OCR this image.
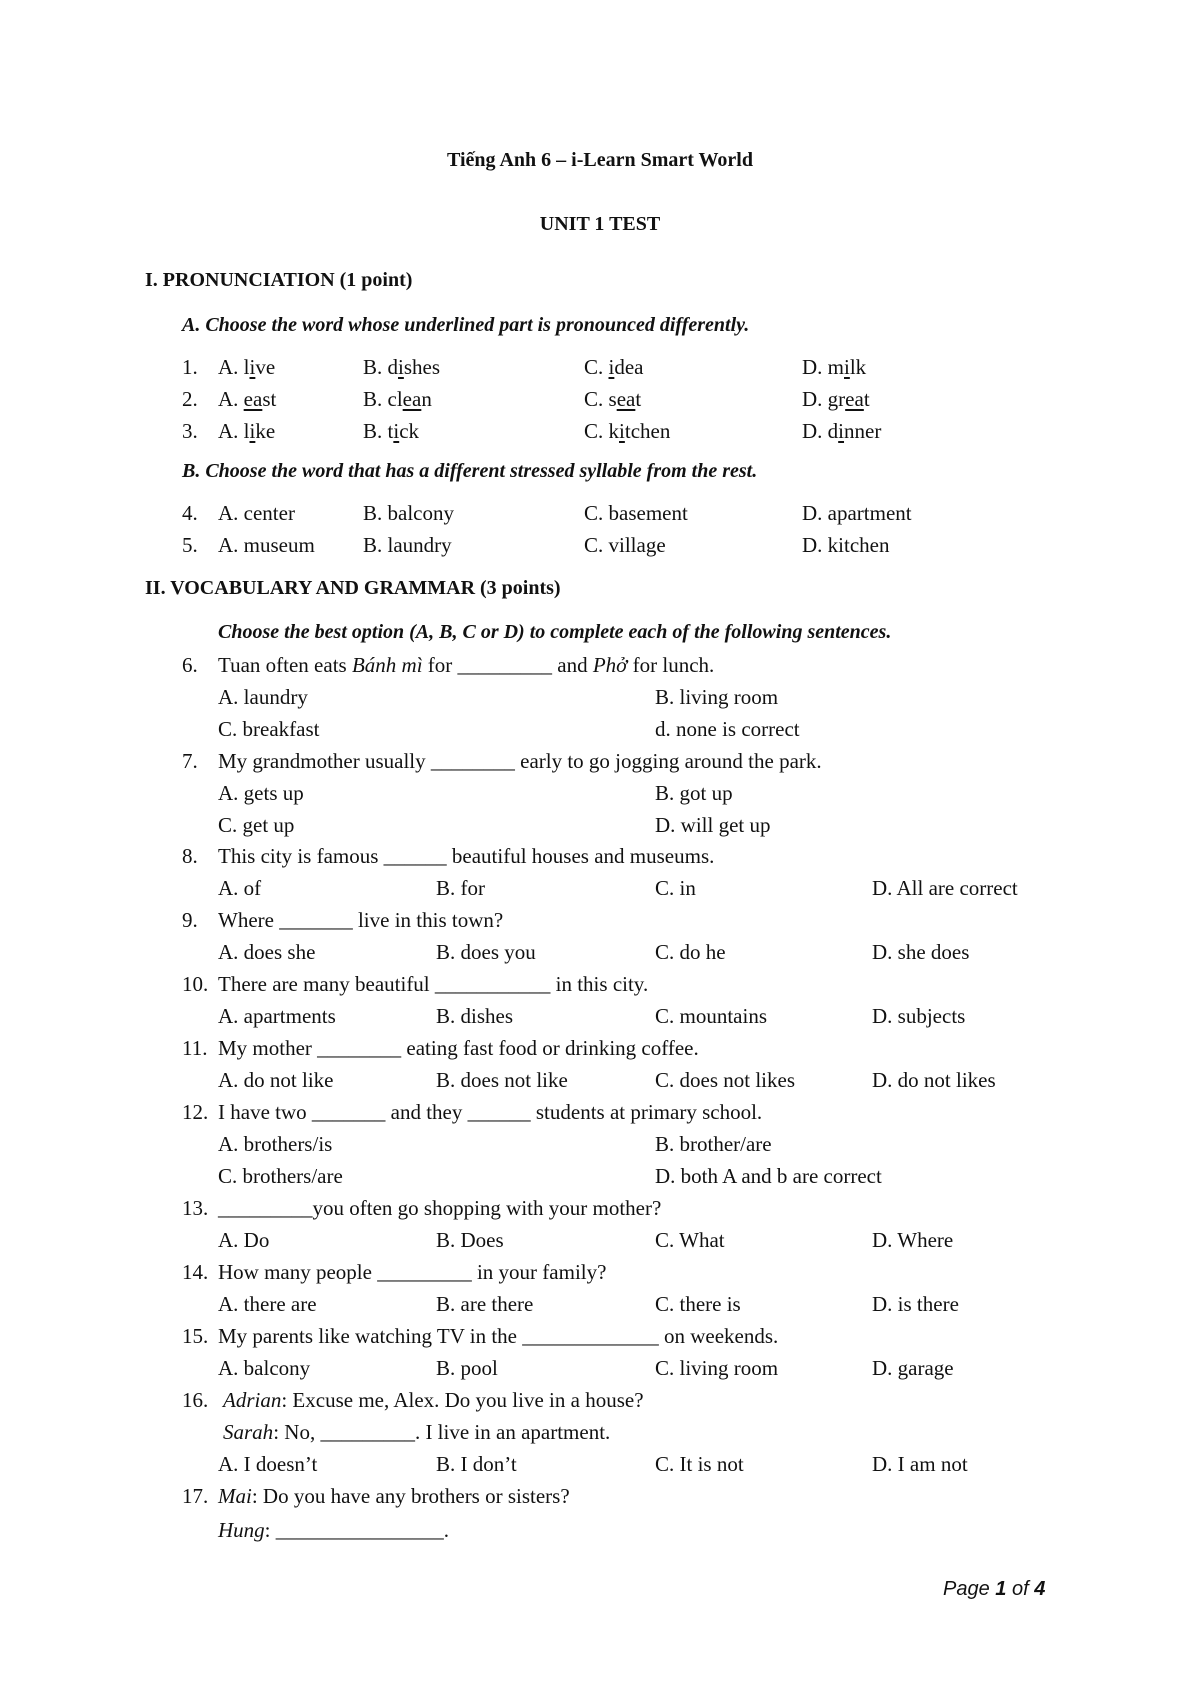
Tiếng Anh 6 – i-Learn Smart World
UNIT 1 TEST
I. PRONUNCIATION (1 point)
A. Choose the word whose underlined part is pronounced differently.
1. A. live	B. dishes	C. idea	D. milk
2. A. east	B. clean	C. seat	D. great
3. A. like	B. tick	C. kitchen	D. dinner
B. Choose the word that has a different stressed syllable from the rest.
4. A. center	B. balcony	C. basement	D. apartment
5. A. museum B. laundry	C. village	D. kitchen
II. VOCABULARY AND GRAMMAR (3 points)
Choose the best option (A, B, C or D) to complete each of the following sentences.
6. Tuan often eats Bánh mì for _________ and Phở for lunch.
A. laundry	B. living room
C. breakfast	d. none is correct
7. My grandmother usually ________ early to go jogging around the park.
A. gets up	B. got up
C. get up	D. will get up
8. This city is famous ______ beautiful houses and museums.
A. of	B. for	C. in	D. All are correct
9. Where _______ live in this town?
A. does she	B. does you	C. do he	D. she does
10. There are many beautiful ___________ in this city.
A. apartments	B. dishes	C. mountains	D. subjects
11. My mother ________ eating fast food or drinking coffee.
A. do not like	B. does not like	C. does not likes	D. do not likes
12. I have two _______ and they ______ students at primary school.
A. brothers/is	B. brother/are
C. brothers/are	D. both A and b are correct
13. _________you often go shopping with your mother?
A. Do	B. Does	C. What	D. Where
14. How many people _________ in your family?
A. there are	B. are there	C. there is	D. is there
15. My parents like watching TV in the _____________ on weekends.
A. balcony	B. pool	C. living room	D. garage
16. Adrian: Excuse me, Alex. Do you live in a house?
Sarah: No, _________. I live in an apartment.
A. I doesn’t	B. I don’t	C. It is not	D. I am not
17. Mai: Do you have any brothers or sisters?
Hung: ________________.
Page 1 of 4
